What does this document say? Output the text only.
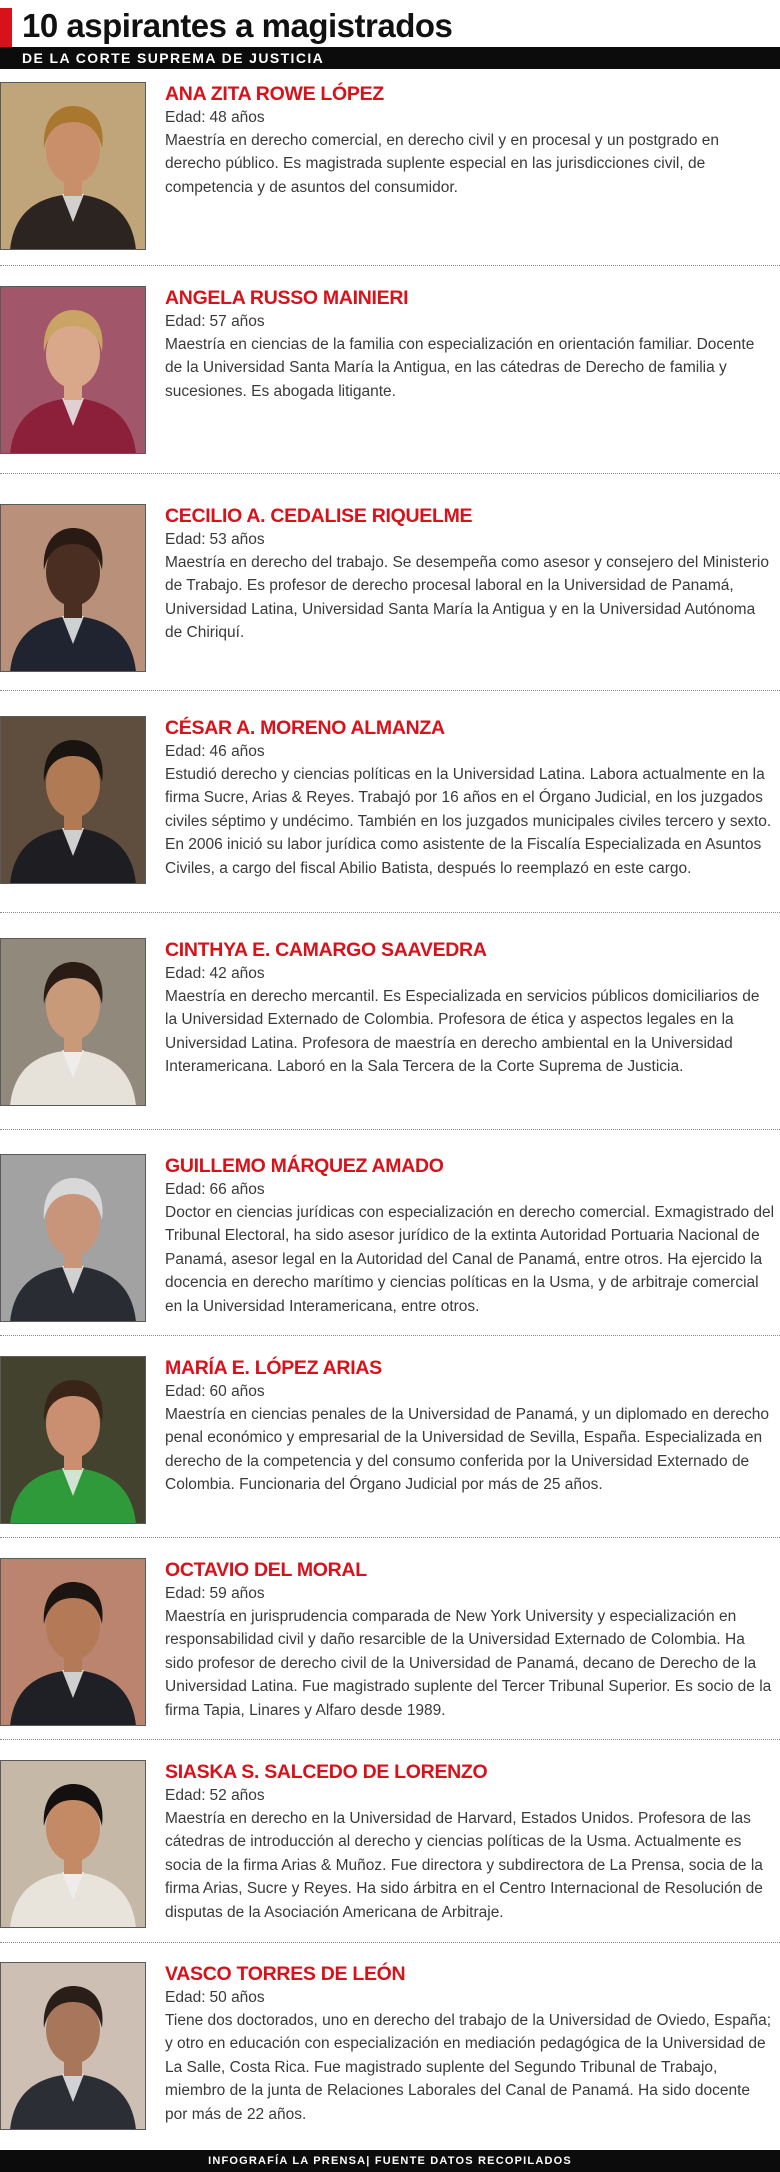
10 aspirantes a magistrados
DE LA CORTE SUPREMA DE JUSTICIA
ANA ZITA ROWE LÓPEZ
Edad: 48 años
Maestría en derecho comercial, en derecho civil y en procesal y un postgrado en derecho público. Es magistrada suplente especial en las jurisdicciones civil, de competencia y de asuntos del consumidor.
ANGELA RUSSO MAINIERI
Edad: 57 años
Maestría en ciencias de la familia con especialización en orientación familiar. Docente de la Universidad Santa María la Antigua, en las cátedras de Derecho de familia y sucesiones. Es abogada litigante.
CECILIO A. CEDALISE RIQUELME
Edad: 53 años
Maestría en derecho del trabajo. Se desempeña como asesor y consejero del Ministerio de Trabajo. Es profesor de derecho procesal laboral en la Universidad de Panamá, Universidad Latina, Universidad Santa María la Antigua y en la Universidad Autónoma de Chiriquí.
CÉSAR A. MORENO ALMANZA
Edad: 46 años
Estudió derecho y ciencias políticas en la Universidad Latina. Labora actualmente en la firma Sucre, Arias & Reyes. Trabajó por 16 años en el Órgano Judicial, en los juzgados civiles séptimo y undécimo. También en los juzgados municipales civiles tercero y sexto. En 2006 inició su labor jurídica como asistente de la Fiscalía Especializada en Asuntos Civiles, a cargo del fiscal Abilio Batista, después lo reemplazó en este cargo.
CINTHYA E. CAMARGO SAAVEDRA
Edad: 42 años
Maestría en derecho mercantil. Es Especializada en servicios públicos domiciliarios de la Universidad Externado de Colombia. Profesora de ética y aspectos legales en la Universidad Latina. Profesora de maestría en derecho ambiental en la Universidad Interamericana. Laboró en la Sala Tercera de la Corte Suprema de Justicia.
GUILLEMO MÁRQUEZ AMADO
Edad: 66 años
Doctor en ciencias jurídicas con especialización en derecho comercial. Exmagistrado del Tribunal Electoral, ha sido asesor jurídico de la extinta Autoridad Portuaria Nacional de Panamá, asesor legal en la Autoridad del Canal de Panamá, entre otros. Ha ejercido la docencia en derecho marítimo y ciencias políticas en la Usma, y de arbitraje comercial en la Universidad Interamericana, entre otros.
MARÍA E. LÓPEZ ARIAS
Edad: 60 años
Maestría en ciencias penales de la Universidad de Panamá, y un diplomado en derecho penal económico y empresarial de la Universidad de Sevilla, España. Especializada en derecho de la competencia y del consumo conferida por la Universidad Externado de Colombia. Funcionaria del Órgano Judicial por más de 25 años.
OCTAVIO DEL MORAL
Edad: 59 años
Maestría en jurisprudencia comparada de New York University y especialización en responsabilidad civil y daño resarcible de la Universidad Externado de Colombia. Ha sido profesor de derecho civil de la Universidad de Panamá, decano de Derecho de la Universidad Latina. Fue magistrado suplente del Tercer Tribunal Superior. Es socio de la firma Tapia, Linares y Alfaro desde 1989.
SIASKA S. SALCEDO DE LORENZO
Edad: 52 años
Maestría en derecho en la Universidad de Harvard, Estados Unidos. Profesora de las cátedras de introducción al derecho y ciencias políticas de la Usma. Actualmente es socia de la firma Arias & Muñoz. Fue directora y subdirectora de La Prensa, socia de la firma Arias, Sucre y Reyes. Ha sido árbitra en el Centro Internacional de Resolución de disputas de la Asociación Americana de Arbitraje.
VASCO TORRES DE LEÓN
Edad: 50 años
Tiene dos doctorados, uno en derecho del trabajo de la Universidad de Oviedo, España; y otro en educación con especialización en mediación pedagógica de la Universidad de La Salle, Costa Rica. Fue magistrado suplente del Segundo Tribunal de Trabajo, miembro de la junta de Relaciones Laborales del Canal de Panamá. Ha sido docente por más de 22 años.
INFOGRAFÍA LA PRENSA| FUENTE DATOS RECOPILADOS
